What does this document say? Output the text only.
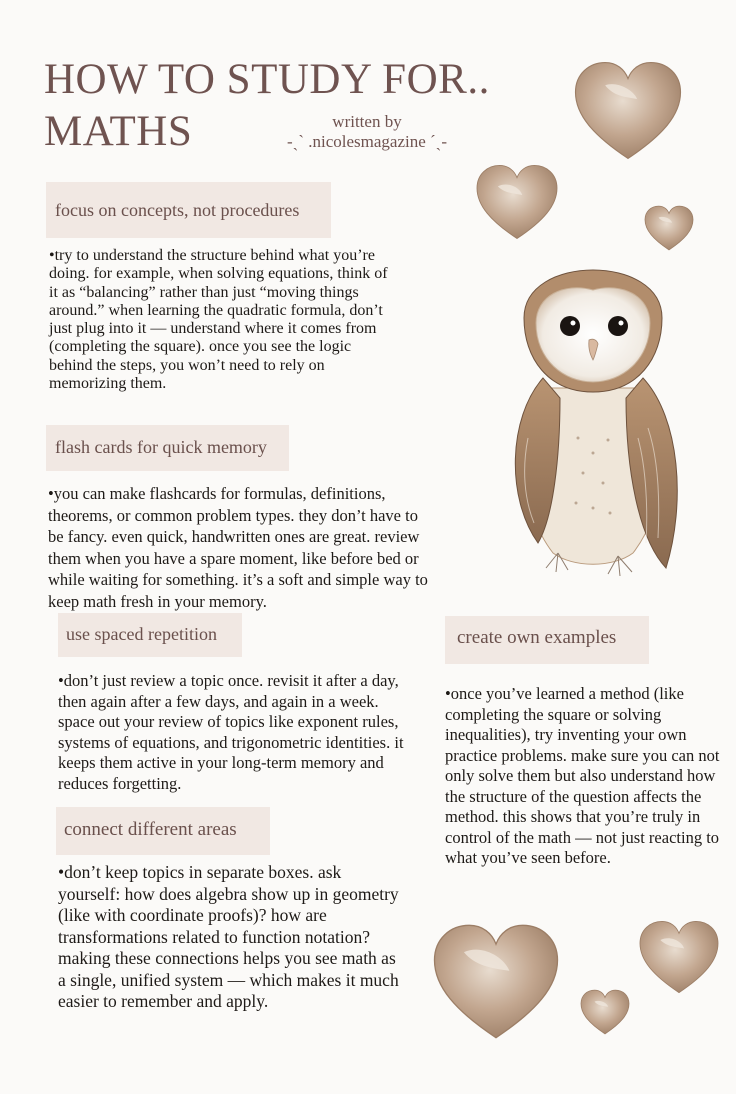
HOW TO STUDY FOR..
MATHS	written by
-ˏˋ .nicolesmagazine ˊˎ-
focus on concepts, not procedures

•try to understand the structure behind what you’re doing. for example, when solving equations, think of it as “balancing” rather than just “moving things around.” when learning the quadratic formula, don’t just plug into it — understand where it comes from (completing the square). once you see the logic behind the steps, you won’t need to rely on memorizing them.

flash cards for quick memory

•you can make flashcards for formulas, definitions, theorems, or common problem types. they don’t have to be fancy. even quick, handwritten ones are great. review them when you have a spare moment, like before bed or while waiting for something. it’s a soft and simple way to keep math fresh in your memory.

use spaced repetition

•don’t just review a topic once. revisit it after a day, then again after a few days, and again in a week. space out your review of topics like exponent rules, systems of equations, and trigonometric identities. it keeps them active in your long-term memory and reduces forgetting.

connect different areas

•don’t keep topics in separate boxes. ask yourself: how does algebra show up in geometry (like with coordinate proofs)? how are transformations related to function notation? making these connections helps you see math as a single, unified system — which makes it much easier to remember and apply.

create own examples

•once you’ve learned a method (like completing the square or solving inequalities), try inventing your own practice problems. make sure you can not only solve them but also understand how the structure of the question affects the method. this shows that you’re truly in control of the math — not just reacting to what you’ve seen before.
